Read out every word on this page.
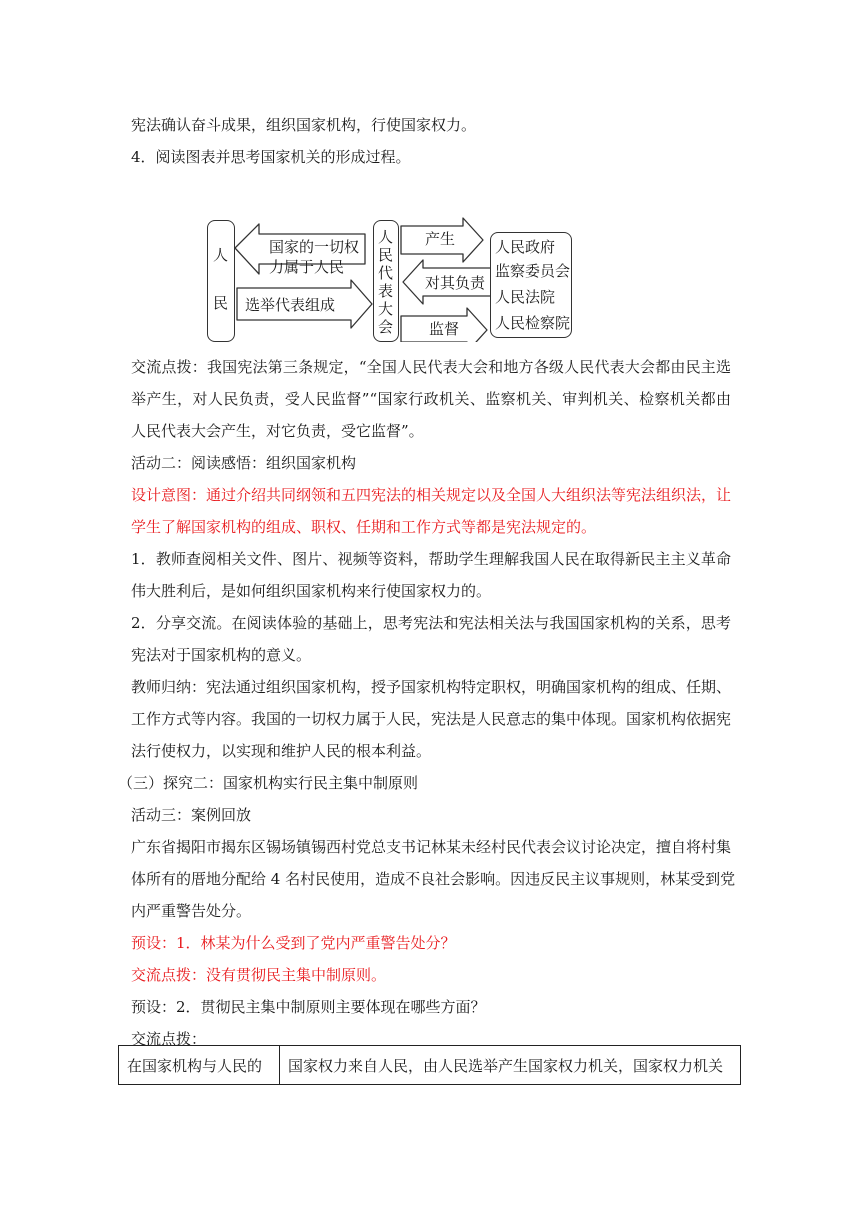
宪法确认奋斗成果，组织国家机构，行使国家权力。
4．阅读图表并思考国家机关的形成过程。
人
民
国家的一切权
力属于人民
选举代表组成
人
民
代
表
大
会
产生
对其负责
监督
人民政府
监察委员会
人民法院
人民检察院
交流点拨：我国宪法第三条规定，“全国人民代表大会和地方各级人民代表大会都由民主选
举产生，对人民负责，受人民监督”“国家行政机关、监察机关、审判机关、检察机关都由
人民代表大会产生，对它负责，受它监督”。
活动二：阅读感悟：组织国家机构
设计意图：通过介绍共同纲领和五四宪法的相关规定以及全国人大组织法等宪法组织法，让
学生了解国家机构的组成、职权、任期和工作方式等都是宪法规定的。
1．教师查阅相关文件、图片、视频等资料，帮助学生理解我国人民在取得新民主主义革命
伟大胜利后，是如何组织国家机构来行使国家权力的。
2．分享交流。在阅读体验的基础上，思考宪法和宪法相关法与我国国家机构的关系，思考
宪法对于国家机构的意义。
教师归纳：宪法通过组织国家机构，授予国家机构特定职权，明确国家机构的组成、任期、
工作方式等内容。我国的一切权力属于人民，宪法是人民意志的集中体现。国家机构依据宪
法行使权力，以实现和维护人民的根本利益。
（三）探究二：国家机构实行民主集中制原则
活动三：案例回放
广东省揭阳市揭东区锡场镇锡西村党总支书记林某未经村民代表会议讨论决定，擅自将村集
体所有的厝地分配给 4 名村民使用，造成不良社会影响。因违反民主议事规则，林某受到党
内严重警告处分。
预设：1．林某为什么受到了党内严重警告处分？
交流点拨：没有贯彻民主集中制原则。
预设：2．贯彻民主集中制原则主要体现在哪些方面？
交流点拨：
在国家机构与人民的	国家权力来自人民，由人民选举产生国家权力机关，国家权力机关
